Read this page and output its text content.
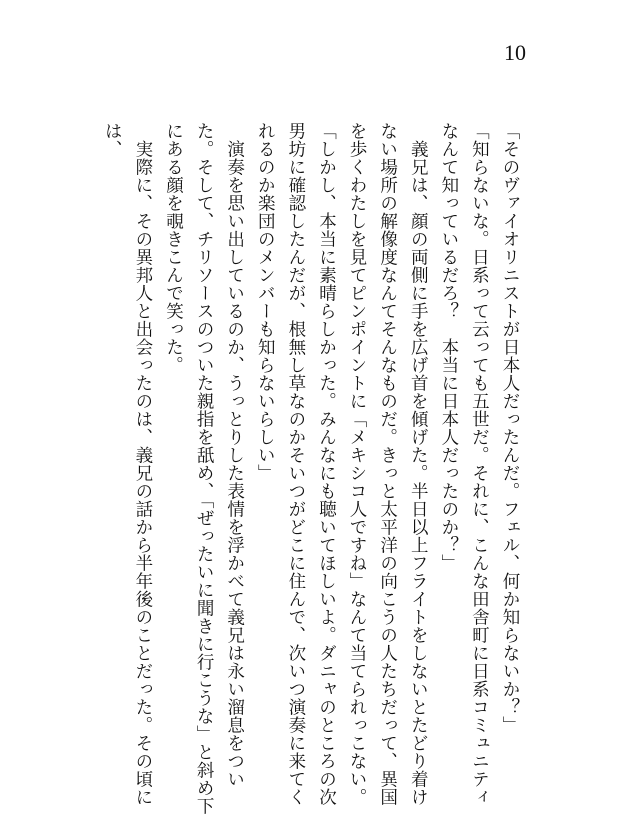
10

「そのヴァイオリニストが日本人だったんだ。フェル、何か知らないか？」

「知らないな。日系って云っても五世だ。それに、こんな田舎町に日系コミュニティなんて知っているだろ？　本当に日本人だったのか？」

　義兄は、顔の両側に手を広げ首を傾げた。半日以上フライトをしないとたどり着けない場所の解像度なんてそんなものだ。きっと太平洋の向こうの人たちだって、異国を歩くわたしを見てピンポイントに「メキシコ人ですね」なんて当てられっこない。

「しかし、本当に素晴らしかった。みんなにも聴いてほしいよ。ダニャのところの次男坊に確認したんだが、根無し草なのかそいつがどこに住んで、次いつ演奏に来てくれるのか楽団のメンバーも知らないらしい」

　演奏を思い出しているのか、うっとりした表情を浮かべて義兄は永い溜息をついた。そして、チリソースのついた親指を舐め、「ぜったいに聞きに行こうな」と斜め下にある顔を覗きこんで笑った。

　実際に、その異邦人と出会ったのは、義兄の話から半年後のことだった。その頃には、
